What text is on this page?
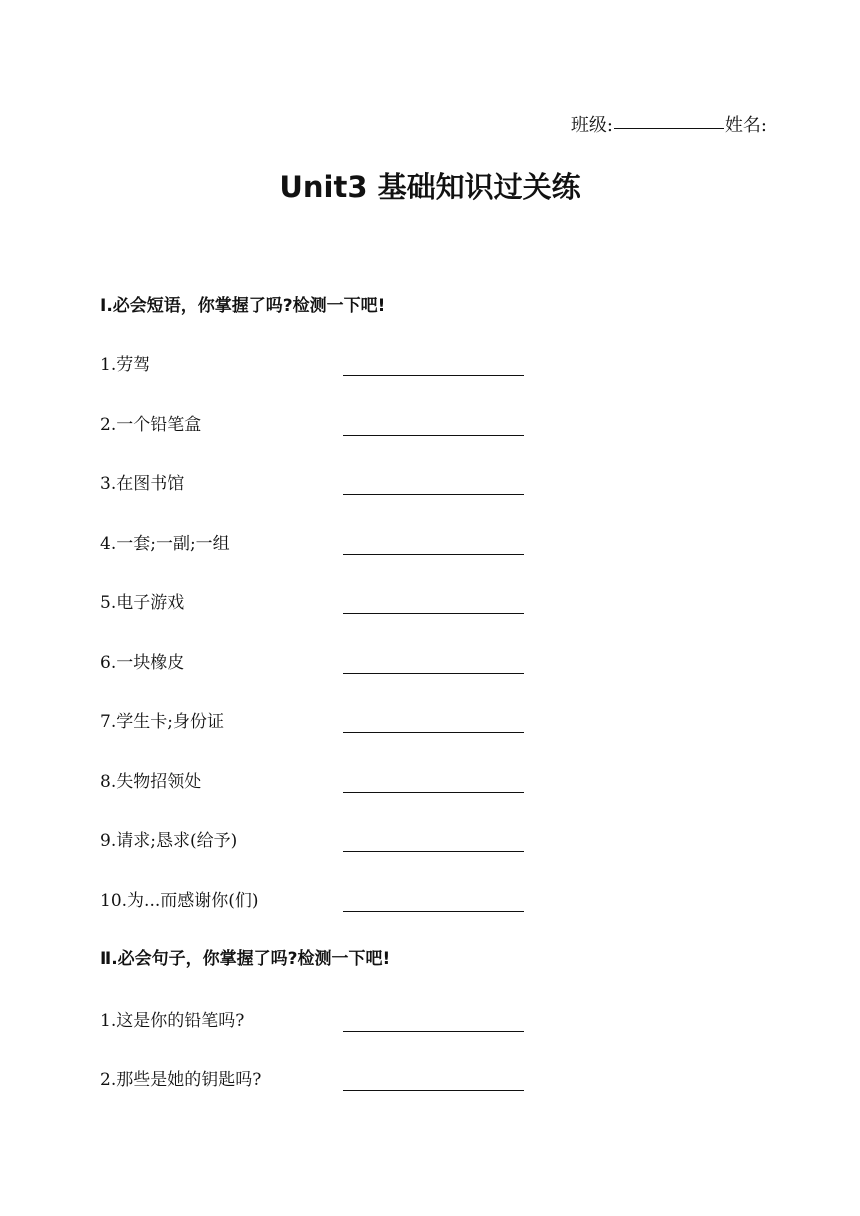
班级:	姓名:
Unit3 基础知识过关练
Ⅰ.必会短语，你掌握了吗?检测一下吧!
1.劳驾
2.一个铅笔盒
3.在图书馆
4.一套;一副;一组
5.电子游戏
6.一块橡皮
7.学生卡;身份证
8.失物招领处
9.请求;恳求(给予)
10.为...而感谢你(们)
Ⅱ.必会句子，你掌握了吗?检测一下吧!
1.这是你的铅笔吗?
2.那些是她的钥匙吗?
